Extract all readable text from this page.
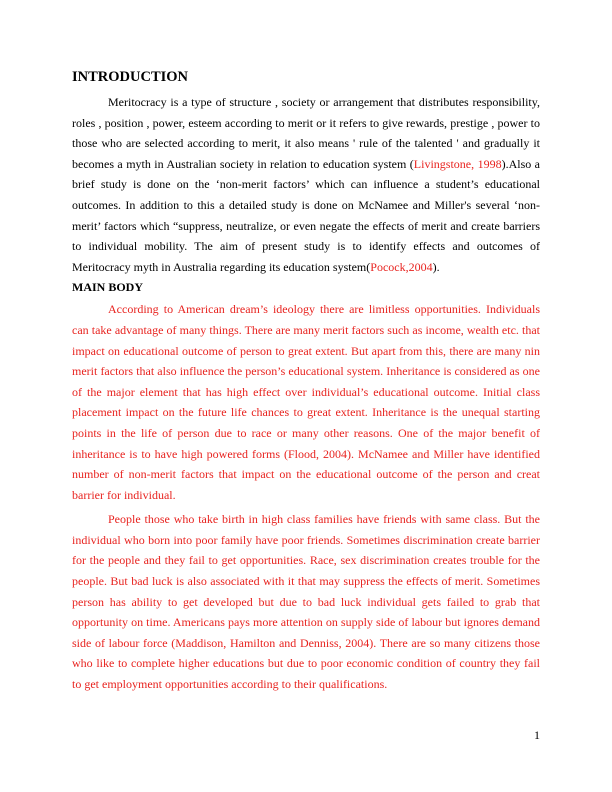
INTRODUCTION

Meritocracy is a type of structure , society or arrangement that distributes responsibility, roles , position , power, esteem according to merit or it refers to give rewards, prestige , power to those who are selected according to merit, it also means ' rule of the talented ' and gradually it becomes a myth in Australian society in relation to education system (Livingstone, 1998).Also a brief study is done on the ‘non-merit factors’ which can influence a student’s educational outcomes. In addition to this a detailed study is done on McNamee and Miller's several ‘non-merit’ factors which “suppress, neutralize, or even negate the effects of merit and create barriers to individual mobility. The aim of present study is to identify effects and outcomes of Meritocracy myth in Australia regarding its education system(Pocock,2004).

MAIN BODY

According to American dream’s ideology there are limitless opportunities. Individuals can take advantage of many things. There are many merit factors such as income, wealth etc. that impact on educational outcome of person to great extent. But apart from this, there are many nin merit factors that also influence the person’s educational system. Inheritance is considered as one of the major element that has high effect over individual’s educational outcome. Initial class placement impact on the future life chances to great extent. Inheritance is the unequal starting points in the life of person due to race or many other reasons. One of the major benefit of inheritance is to have high powered forms (Flood, 2004). McNamee and Miller have identified number of non-merit factors that impact on the educational outcome of the person and creat barrier for individual.

People those who take birth in high class families have friends with same class. But the individual who born into poor family have poor friends. Sometimes discrimination create barrier for the people and they fail to get opportunities. Race, sex discrimination creates trouble for the people. But bad luck is also associated with it that may suppress the effects of merit. Sometimes person has ability to get developed but due to bad luck individual gets failed to grab that opportunity on time. Americans pays more attention on supply side of labour but ignores demand side of labour force (Maddison, Hamilton and Denniss, 2004). There are so many citizens those who like to complete higher educations but due to poor economic condition of country they fail to get employment opportunities according to their qualifications.

1
